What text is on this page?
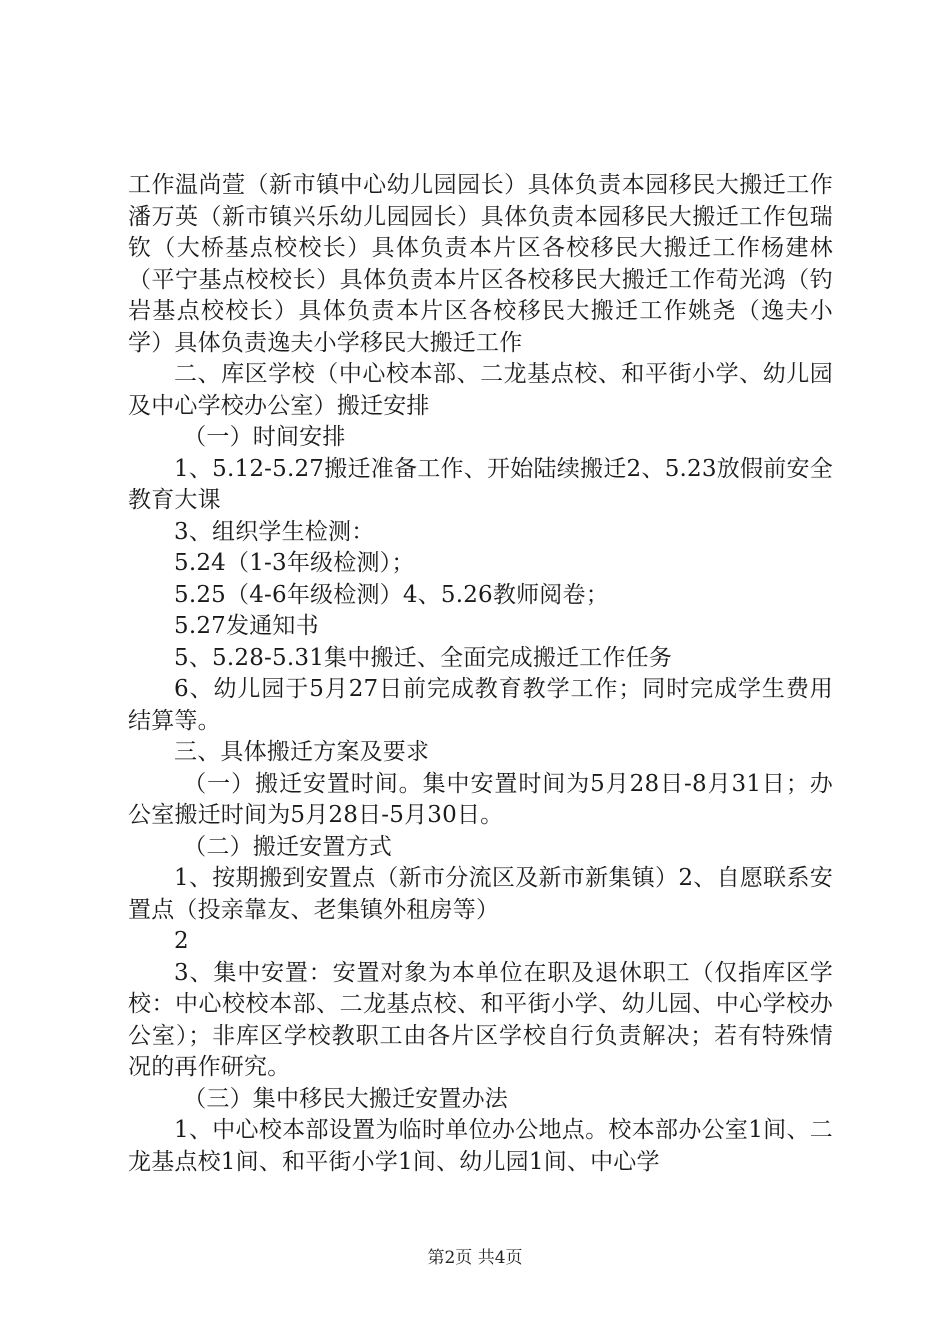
工作温尚萱（新市镇中心幼儿园园长）具体负责本园移民大搬迁工作潘万英（新市镇兴乐幼儿园园长）具体负责本园移民大搬迁工作包瑞钦（大桥基点校校长）具体负责本片区各校移民大搬迁工作杨建林（平宁基点校校长）具体负责本片区各校移民大搬迁工作荀光鸿（钓岩基点校校长）具体负责本片区各校移民大搬迁工作姚尧（逸夫小学）具体负责逸夫小学移民大搬迁工作

二、库区学校（中心校本部、二龙基点校、和平街小学、幼儿园及中心学校办公室）搬迁安排

（一）时间安排

1、5.12-5.27搬迁准备工作、开始陆续搬迁2、5.23放假前安全教育大课

3、组织学生检测：

5.24（1-3年级检测）；

5.25（4-6年级检测）4、5.26教师阅卷；

5.27发通知书

5、5.28-5.31集中搬迁、全面完成搬迁工作任务

6、幼儿园于5月27日前完成教育教学工作；同时完成学生费用结算等。

三、具体搬迁方案及要求

（一）搬迁安置时间。集中安置时间为5月28日-8月31日；办公室搬迁时间为5月28日-5月30日。

（二）搬迁安置方式

1、按期搬到安置点（新市分流区及新市新集镇）2、自愿联系安置点（投亲靠友、老集镇外租房等）

2

3、集中安置：安置对象为本单位在职及退休职工（仅指库区学校：中心校校本部、二龙基点校、和平街小学、幼儿园、中心学校办公室）；非库区学校教职工由各片区学校自行负责解决；若有特殊情况的再作研究。

（三）集中移民大搬迁安置办法

1、中心校本部设置为临时单位办公地点。校本部办公室1间、二龙基点校1间、和平街小学1间、幼儿园1间、中心学

第2页 共4页
